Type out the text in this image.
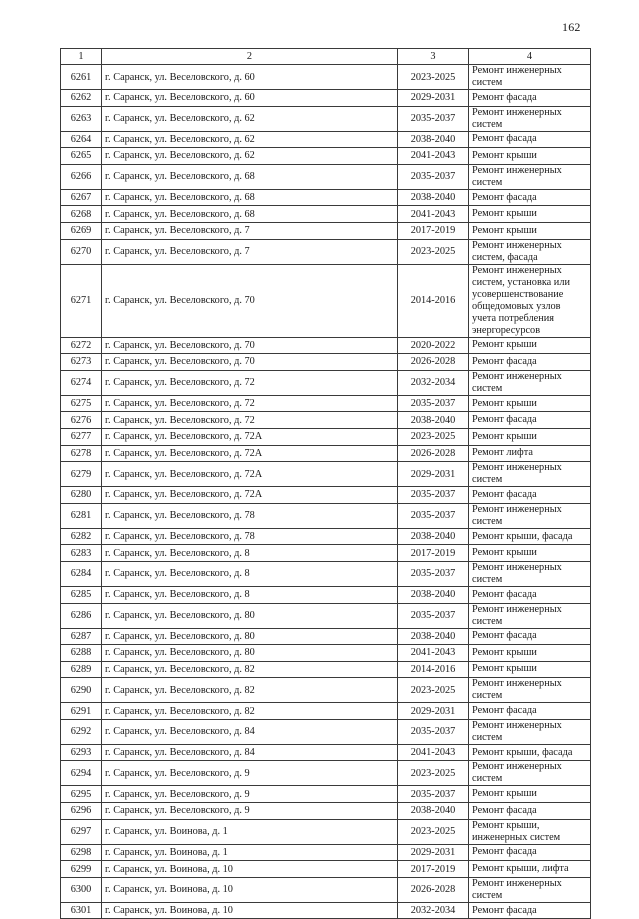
162
1	2	3	4
6261	г. Саранск, ул. Веселовского, д. 60	2023-2025	Ремонт инженерных систем
6262	г. Саранск, ул. Веселовского, д. 60	2029-2031	Ремонт фасада
6263	г. Саранск, ул. Веселовского, д. 62	2035-2037	Ремонт инженерных систем
6264	г. Саранск, ул. Веселовского, д. 62	2038-2040	Ремонт фасада
6265	г. Саранск, ул. Веселовского, д. 62	2041-2043	Ремонт крыши
6266	г. Саранск, ул. Веселовского, д. 68	2035-2037	Ремонт инженерных систем
6267	г. Саранск, ул. Веселовского, д. 68	2038-2040	Ремонт фасада
6268	г. Саранск, ул. Веселовского, д. 68	2041-2043	Ремонт крыши
6269	г. Саранск, ул. Веселовского, д. 7	2017-2019	Ремонт крыши
6270	г. Саранск, ул. Веселовского, д. 7	2023-2025	Ремонт инженерных систем, фасада
6271	г. Саранск, ул. Веселовского, д. 70	2014-2016	Ремонт инженерных систем, установка или усовершенствование общедомовых узлов учета потребления энергоресурсов
6272	г. Саранск, ул. Веселовского, д. 70	2020-2022	Ремонт крыши
6273	г. Саранск, ул. Веселовского, д. 70	2026-2028	Ремонт фасада
6274	г. Саранск, ул. Веселовского, д. 72	2032-2034	Ремонт инженерных систем
6275	г. Саранск, ул. Веселовского, д. 72	2035-2037	Ремонт крыши
6276	г. Саранск, ул. Веселовского, д. 72	2038-2040	Ремонт фасада
6277	г. Саранск, ул. Веселовского, д. 72А	2023-2025	Ремонт крыши
6278	г. Саранск, ул. Веселовского, д. 72А	2026-2028	Ремонт лифта
6279	г. Саранск, ул. Веселовского, д. 72А	2029-2031	Ремонт инженерных систем
6280	г. Саранск, ул. Веселовского, д. 72А	2035-2037	Ремонт фасада
6281	г. Саранск, ул. Веселовского, д. 78	2035-2037	Ремонт инженерных систем
6282	г. Саранск, ул. Веселовского, д. 78	2038-2040	Ремонт крыши, фасада
6283	г. Саранск, ул. Веселовского, д. 8	2017-2019	Ремонт крыши
6284	г. Саранск, ул. Веселовского, д. 8	2035-2037	Ремонт инженерных систем
6285	г. Саранск, ул. Веселовского, д. 8	2038-2040	Ремонт фасада
6286	г. Саранск, ул. Веселовского, д. 80	2035-2037	Ремонт инженерных систем
6287	г. Саранск, ул. Веселовского, д. 80	2038-2040	Ремонт фасада
6288	г. Саранск, ул. Веселовского, д. 80	2041-2043	Ремонт крыши
6289	г. Саранск, ул. Веселовского, д. 82	2014-2016	Ремонт крыши
6290	г. Саранск, ул. Веселовского, д. 82	2023-2025	Ремонт инженерных систем
6291	г. Саранск, ул. Веселовского, д. 82	2029-2031	Ремонт фасада
6292	г. Саранск, ул. Веселовского, д. 84	2035-2037	Ремонт инженерных систем
6293	г. Саранск, ул. Веселовского, д. 84	2041-2043	Ремонт крыши, фасада
6294	г. Саранск, ул. Веселовского, д. 9	2023-2025	Ремонт инженерных систем
6295	г. Саранск, ул. Веселовского, д. 9	2035-2037	Ремонт крыши
6296	г. Саранск, ул. Веселовского, д. 9	2038-2040	Ремонт фасада
6297	г. Саранск, ул. Воинова, д. 1	2023-2025	Ремонт крыши, инженерных систем
6298	г. Саранск, ул. Воинова, д. 1	2029-2031	Ремонт фасада
6299	г. Саранск, ул. Воинова, д. 10	2017-2019	Ремонт крыши, лифта
6300	г. Саранск, ул. Воинова, д. 10	2026-2028	Ремонт инженерных систем
6301	г. Саранск, ул. Воинова, д. 10	2032-2034	Ремонт фасада
